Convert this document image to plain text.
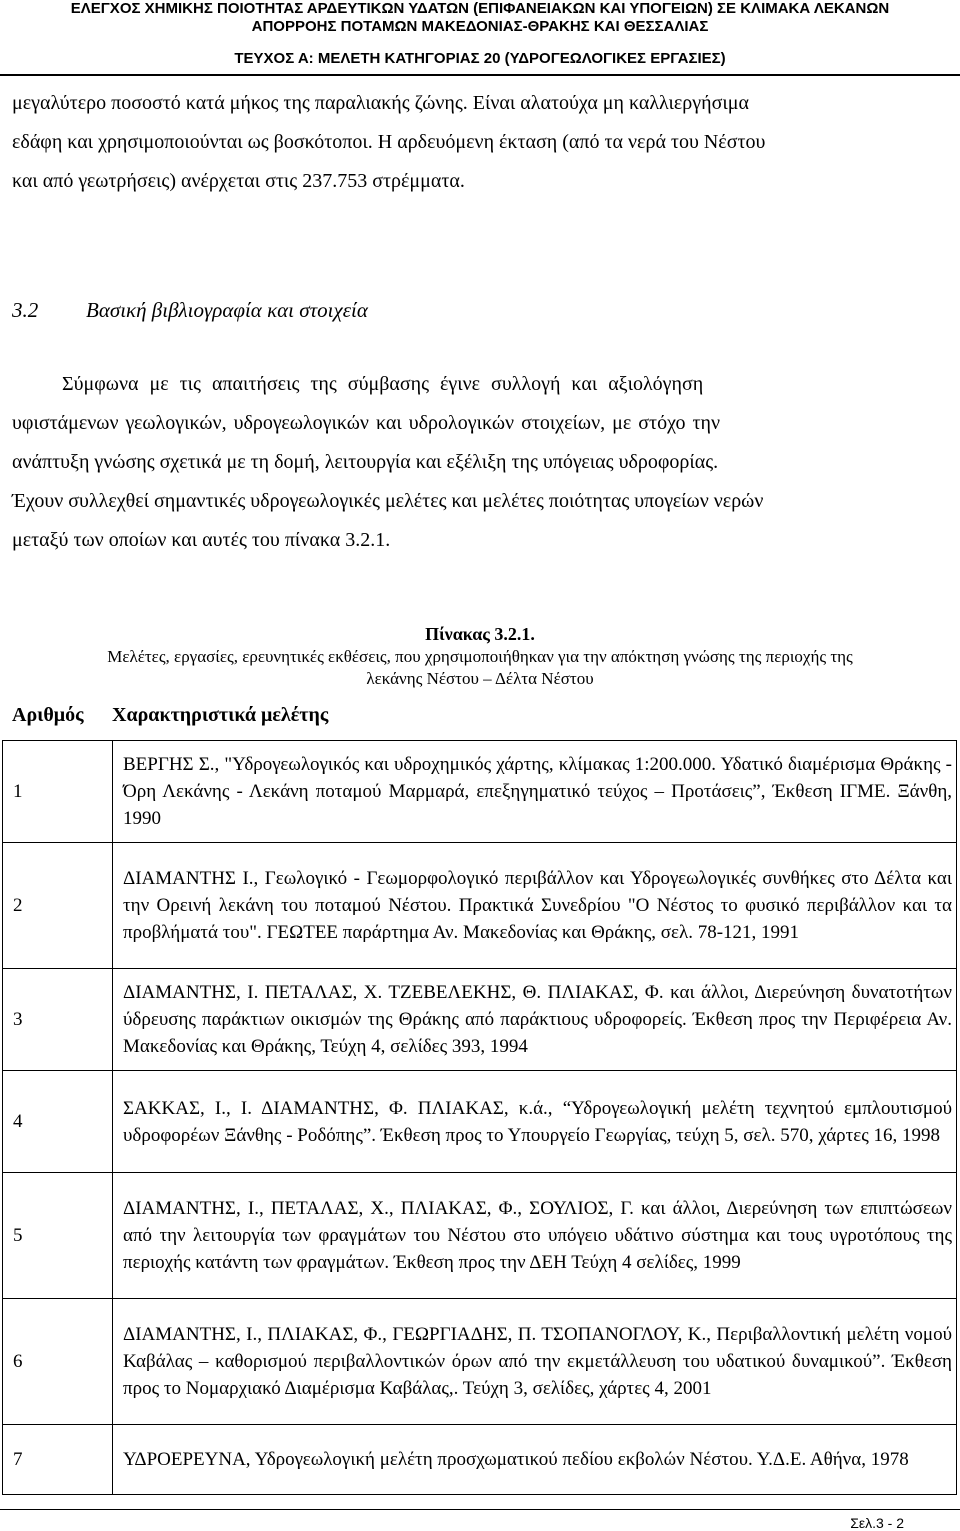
ΕΛΕΓΧΟΣ ΧΗΜΙΚΗΣ ΠΟΙΟΤΗΤΑΣ ΑΡΔΕΥΤΙΚΩΝ ΥΔΑΤΩΝ (ΕΠΙΦΑΝΕΙΑΚΩΝ ΚΑΙ ΥΠΟΓΕΙΩΝ) ΣΕ ΚΛΙΜΑΚΑ ΛΕΚΑΝΩΝ
ΑΠΟΡΡΟΗΣ ΠΟΤΑΜΩΝ ΜΑΚΕΔΟΝΙΑΣ-ΘΡΑΚΗΣ ΚΑΙ ΘΕΣΣΑΛΙΑΣ
ΤΕΥΧΟΣ Α: ΜΕΛΕΤΗ ΚΑΤΗΓΟΡΙΑΣ 20 (ΥΔΡΟΓΕΩΛΟΓΙΚΕΣ ΕΡΓΑΣΙΕΣ)
μεγαλύτερο ποσοστό κατά μήκος της παραλιακής ζώνης. Είναι αλατούχα μη καλλιεργήσιμα
εδάφη και χρησιμοποιούνται ως βοσκότοποι. Η αρδευόμενη έκταση (από τα νερά του Νέστου
και από γεωτρήσεις) ανέρχεται στις 237.753 στρέμματα.
3.2 Βασική βιβλιογραφία και στοιχεία
Σύμφωνα με τις απαιτήσεις της σύμβασης έγινε συλλογή και αξιολόγηση
υφιστάμενων γεωλογικών, υδρογεωλογικών και υδρολογικών στοιχείων, με στόχο την
ανάπτυξη γνώσης σχετικά με τη δομή, λειτουργία και εξέλιξη της υπόγειας υδροφορίας.
Έχουν συλλεχθεί σημαντικές υδρογεωλογικές μελέτες και μελέτες ποιότητας υπογείων νερών
μεταξύ των οποίων και αυτές του πίνακα 3.2.1.
Πίνακας 3.2.1.
Μελέτες, εργασίες, ερευνητικές εκθέσεις, που χρησιμοποιήθηκαν για την απόκτηση γνώσης της περιοχής της
λεκάνης Νέστου – Δέλτα Νέστου
Αριθμός Χαρακτηριστικά μελέτης
1	ΒΕΡΓΗΣ Σ., "Υδρογεωλογικός και υδροχημικός χάρτης, κλίμακας 1:200.000. Υδατικό διαμέρισμα Θράκης - Όρη Λεκάνης - Λεκάνη ποταμού Μαρμαρά, επεξηγηματικό τεύχος – Προτάσεις”, Έκθεση ΙΓΜΕ. Ξάνθη, 1990
2	ΔΙΑΜΑΝΤΗΣ Ι., Γεωλογικό - Γεωμορφολογικό περιβάλλον και Υδρογεωλογικές συνθήκες στο Δέλτα και την Ορεινή λεκάνη του ποταμού Νέστου. Πρακτικά Συνεδρίου "Ο Νέστος το φυσικό περιβάλλον και τα προβλήματά του". ΓΕΩΤΕΕ παράρτημα Αν. Μακεδονίας και Θράκης, σελ. 78-121, 1991
3	ΔΙΑΜΑΝΤΗΣ, Ι. ΠΕΤΑΛΑΣ, Χ. ΤΖΕΒΕΛΕΚΗΣ, Θ. ΠΛΙΑΚΑΣ, Φ. και άλλοι, Διερεύνηση δυνατοτήτων ύδρευσης παράκτιων οικισμών της Θράκης από παράκτιους υδροφορείς. Έκθεση προς την Περιφέρεια Αν. Μακεδονίας και Θράκης, Τεύχη 4, σελίδες 393, 1994
4	ΣΑΚΚΑΣ, Ι., Ι. ΔΙΑΜΑΝΤΗΣ, Φ. ΠΛΙΑΚΑΣ, κ.ά., “Υδρογεωλογική μελέτη τεχνητού εμπλουτισμού υδροφορέων Ξάνθης - Ροδόπης”. Έκθεση προς το Υπουργείο Γεωργίας, τεύχη 5, σελ. 570, χάρτες 16, 1998
5	ΔΙΑΜΑΝΤΗΣ, Ι., ΠΕΤΑΛΑΣ, Χ., ΠΛΙΑΚΑΣ, Φ., ΣΟΥΛΙΟΣ, Γ. και άλλοι, Διερεύνηση των επιπτώσεων από την λειτουργία των φραγμάτων του Νέστου στο υπόγειο υδάτινο σύστημα και τους υγροτόπους της περιοχής κατάντη των φραγμάτων. Έκθεση προς την ΔΕΗ Τεύχη 4 σελίδες, 1999
6	ΔΙΑΜΑΝΤΗΣ, Ι., ΠΛΙΑΚΑΣ, Φ., ΓΕΩΡΓΙΑΔΗΣ, Π. ΤΣΟΠΑΝΟΓΛΟΥ, Κ., Περιβαλλοντική μελέτη νομού Καβάλας – καθορισμού περιβαλλοντικών όρων από την εκμετάλλευση του υδατικού δυναμικού”. Έκθεση προς το Νομαρχιακό Διαμέρισμα Καβάλας,. Τεύχη 3, σελίδες, χάρτες 4, 2001
7	ΥΔΡΟΕΡΕΥΝΑ, Υδρογεωλογική μελέτη προσχωματικού πεδίου εκβολών Νέστου. Υ.Δ.Ε. Αθήνα, 1978
Σελ.3 - 2
